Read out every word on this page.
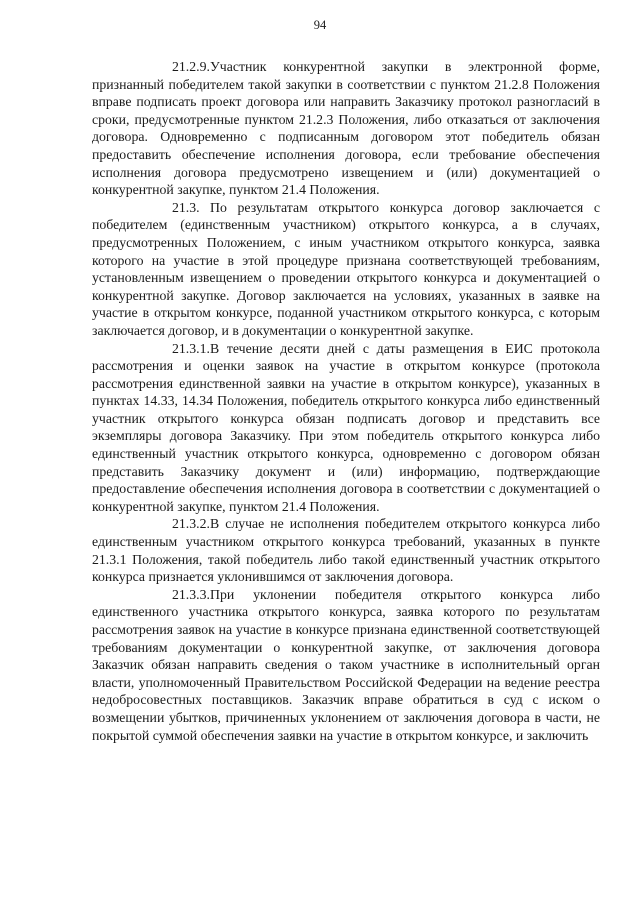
94

21.2.9.Участник конкурентной закупки в электронной форме, признанный победителем такой закупки в соответствии с пунктом 21.2.8 Положения вправе подписать проект договора или направить Заказчику протокол разногласий в сроки, предусмотренные пунктом 21.2.3 Положения, либо отказаться от заключения договора. Одновременно с подписанным договором этот победитель обязан предоставить обеспечение исполнения договора, если требование обеспечения исполнения договора предусмотрено извещением и (или) документацией о конкурентной закупке, пунктом 21.4 Положения.

21.3. По результатам открытого конкурса договор заключается с победителем (единственным участником) открытого конкурса, а в случаях, предусмотренных Положением, с иным участником открытого конкурса, заявка которого на участие в этой процедуре признана соответствующей требованиям, установленным извещением о проведении открытого конкурса и документацией о конкурентной закупке. Договор заключается на условиях, указанных в заявке на участие в открытом конкурсе, поданной участником открытого конкурса, с которым заключается договор, и в документации о конкурентной закупке.

21.3.1.В течение десяти дней с даты размещения в ЕИС протокола рассмотрения и оценки заявок на участие в открытом конкурсе (протокола рассмотрения единственной заявки на участие в открытом конкурсе), указанных в пунктах 14.33, 14.34 Положения, победитель открытого конкурса либо единственный участник открытого конкурса обязан подписать договор и представить все экземпляры договора Заказчику. При этом победитель открытого конкурса либо единственный участник открытого конкурса, одновременно с договором обязан представить Заказчику документ и (или) информацию, подтверждающие предоставление обеспечения исполнения договора в соответствии с документацией о конкурентной закупке, пунктом 21.4 Положения.

21.3.2.В случае не исполнения победителем открытого конкурса либо единственным участником открытого конкурса требований, указанных в пункте 21.3.1 Положения, такой победитель либо такой единственный участник открытого конкурса признается уклонившимся от заключения договора.

21.3.3.При уклонении победителя открытого конкурса либо единственного участника открытого конкурса, заявка которого по результатам рассмотрения заявок на участие в конкурсе признана единственной соответствующей требованиям документации о конкурентной закупке, от заключения договора Заказчик обязан направить сведения о таком участнике в исполнительный орган власти, уполномоченный Правительством Российской Федерации на ведение реестра недобросовестных поставщиков. Заказчик вправе обратиться в суд с иском о возмещении убытков, причиненных уклонением от заключения договора в части, не покрытой суммой обеспечения заявки на участие в открытом конкурсе, и заключить
